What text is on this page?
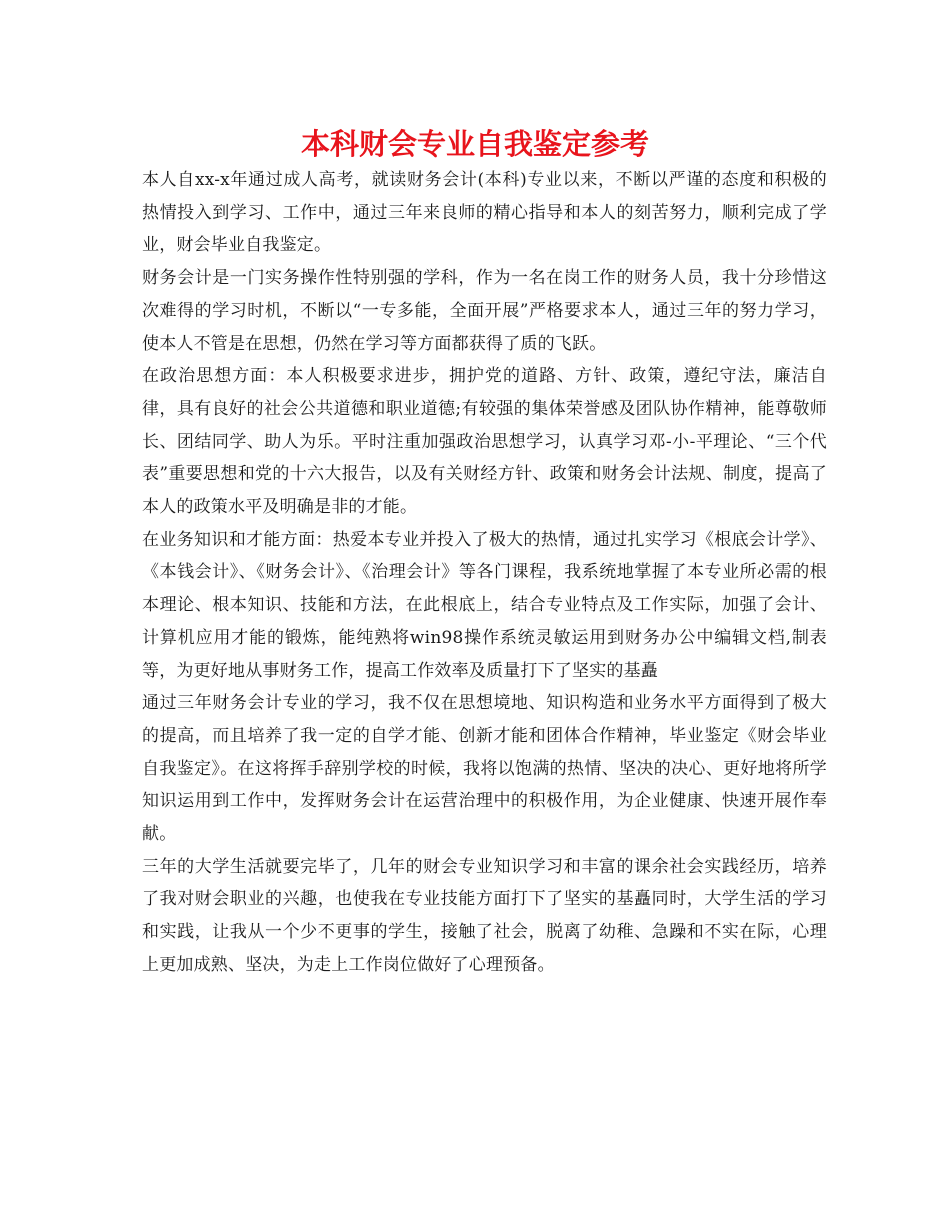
本科财会专业自我鉴定参考

本人自xx-x年通过成人高考，就读财务会计(本科)专业以来，不断以严谨的态度和积极的热情投入到学习、工作中，通过三年来良师的精心指导和本人的刻苦努力，顺利完成了学业，财会毕业自我鉴定。

财务会计是一门实务操作性特别强的学科，作为一名在岗工作的财务人员，我十分珍惜这次难得的学习时机，不断以“一专多能，全面开展”严格要求本人，通过三年的努力学习，使本人不管是在思想，仍然在学习等方面都获得了质的飞跃。

在政治思想方面：本人积极要求进步，拥护党的道路、方针、政策，遵纪守法，廉洁自律，具有良好的社会公共道德和职业道德;有较强的集体荣誉感及团队协作精神，能尊敬师长、团结同学、助人为乐。平时注重加强政治思想学习，认真学习邓-小-平理论、“三个代表”重要思想和党的十六大报告，以及有关财经方针、政策和财务会计法规、制度，提高了本人的政策水平及明确是非的才能。

在业务知识和才能方面：热爱本专业并投入了极大的热情，通过扎实学习《根底会计学》、《本钱会计》、《财务会计》、《治理会计》等各门课程，我系统地掌握了本专业所必需的根本理论、根本知识、技能和方法，在此根底上，结合专业特点及工作实际，加强了会计、计算机应用才能的锻炼，能纯熟将win98操作系统灵敏运用到财务办公中编辑文档,制表等，为更好地从事财务工作，提高工作效率及质量打下了坚实的基矗

通过三年财务会计专业的学习，我不仅在思想境地、知识构造和业务水平方面得到了极大的提高，而且培养了我一定的自学才能、创新才能和团体合作精神，毕业鉴定《财会毕业自我鉴定》。在这将挥手辞别学校的时候，我将以饱满的热情、坚决的决心、更好地将所学知识运用到工作中，发挥财务会计在运营治理中的积极作用，为企业健康、快速开展作奉献。

三年的大学生活就要完毕了，几年的财会专业知识学习和丰富的课余社会实践经历，培养了我对财会职业的兴趣，也使我在专业技能方面打下了坚实的基矗同时，大学生活的学习和实践，让我从一个少不更事的学生，接触了社会，脱离了幼稚、急躁和不实在际，心理上更加成熟、坚决，为走上工作岗位做好了心理预备。
